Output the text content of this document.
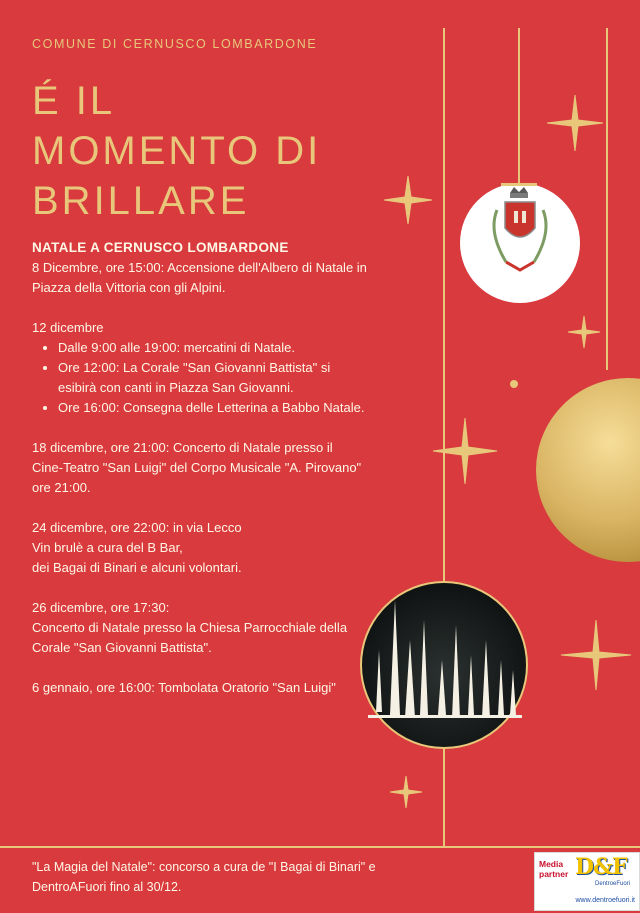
COMUNE DI CERNUSCO LOMBARDONE
É IL
MOMENTO DI
BRILLARE

NATALE A CERNUSCO LOMBARDONE

8 Dicembre, ore 15:00: Accensione dell'Albero di Natale in Piazza della Vittoria con gli Alpini.

12 dicembre

• Dalle 9:00 alle 19:00: mercatini di Natale.
• Ore 12:00: La Corale "San Giovanni Battista" si esibirà con canti in Piazza San Giovanni.
• Ore 16:00: Consegna delle Letterina a Babbo Natale.

18 dicembre, ore 21:00: Concerto di Natale presso il Cine-Teatro "San Luigi" del Corpo Musicale "A. Pirovano" ore 21:00.

24 dicembre, ore 22:00: in via Lecco
Vin brulè a cura del B Bar,
dei Bagai di Binari e alcuni volontari.

26 dicembre, ore 17:30:
Concerto di Natale presso la Chiesa Parrocchiale della Corale "San Giovanni Battista".

6 gennaio, ore 16:00: Tombolata Oratorio "San Luigi"

"La Magia del Natale": concorso a cura de "I Bagai di Binari" e DentroAFuori fino al 30/12.
Media
partner D&F
DentroeFuori
www.dentroefuori.it
